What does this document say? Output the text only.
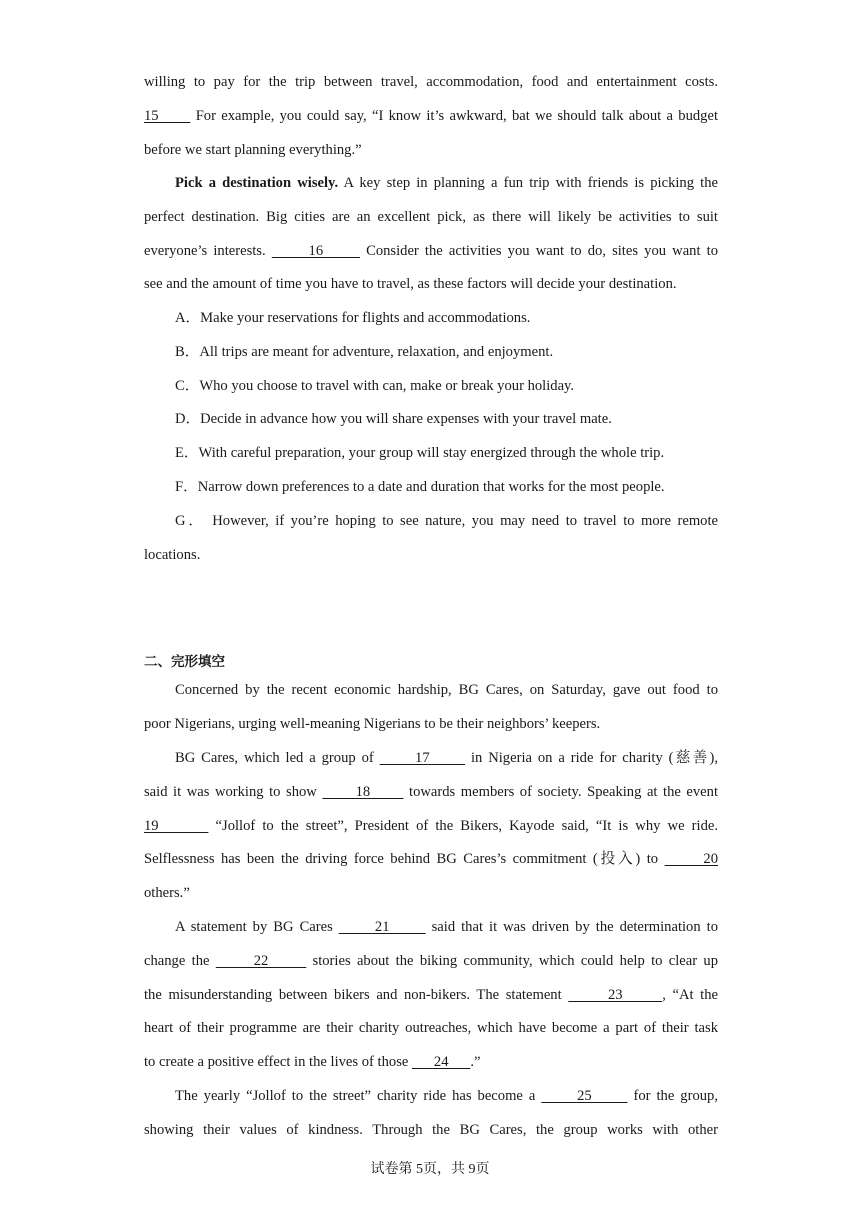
willing to pay for the trip between travel, accommodation, food and entertainment costs.
15       For example, you could say, “I know it’s awkward, bat we should talk about a budget
before we start planning everything.”
Pick a destination wisely. A key step in planning a fun trip with friends is picking the
perfect destination. Big cities are an excellent pick, as there will likely be activities to suit
everyone’s interests.       16       Consider the activities you want to do, sites you want to
see and the amount of time you have to travel, as these factors will decide your destination.
A．Make your reservations for flights and accommodations.
B．All trips are meant for adventure, relaxation, and enjoyment.
C．Who you choose to travel with can, make or break your holiday.
D．Decide in advance how you will share expenses with your travel mate.
E．With careful preparation, your group will stay energized through the whole trip.
F．Narrow down preferences to a date and duration that works for the most people.
G． However, if you’re hoping to see nature, you may need to travel to more remote
locations.
二、完形填空
Concerned by the recent economic hardship, BG Cares, on Saturday, gave out food to
poor Nigerians, urging well-meaning Nigerians to be their neighbors’ keepers.
BG Cares, which led a group of       17       in Nigeria on a ride for charity (慈善),
said it was working to show       18       towards members of society. Speaking at the event
19        “Jollof to the street”, President of the Bikers, Kayode said, “It is why we ride.
Selflessness has been the driving force behind BG Cares’s commitment (投入) to       20
others.”
A statement by BG Cares       21       said that it was driven by the determination to
change the       22       stories about the biking community, which could help to clear up
the misunderstanding between bikers and non-bikers. The statement       23      , “At the
heart of their programme are their charity outreaches, which have become a part of their task
to create a positive effect in the lives of those       24      .”
The yearly “Jollof to the street” charity ride has become a       25       for the group,
showing their values of kindness. Through the BG Cares, the group works with other
试卷第 5页，共 9页
